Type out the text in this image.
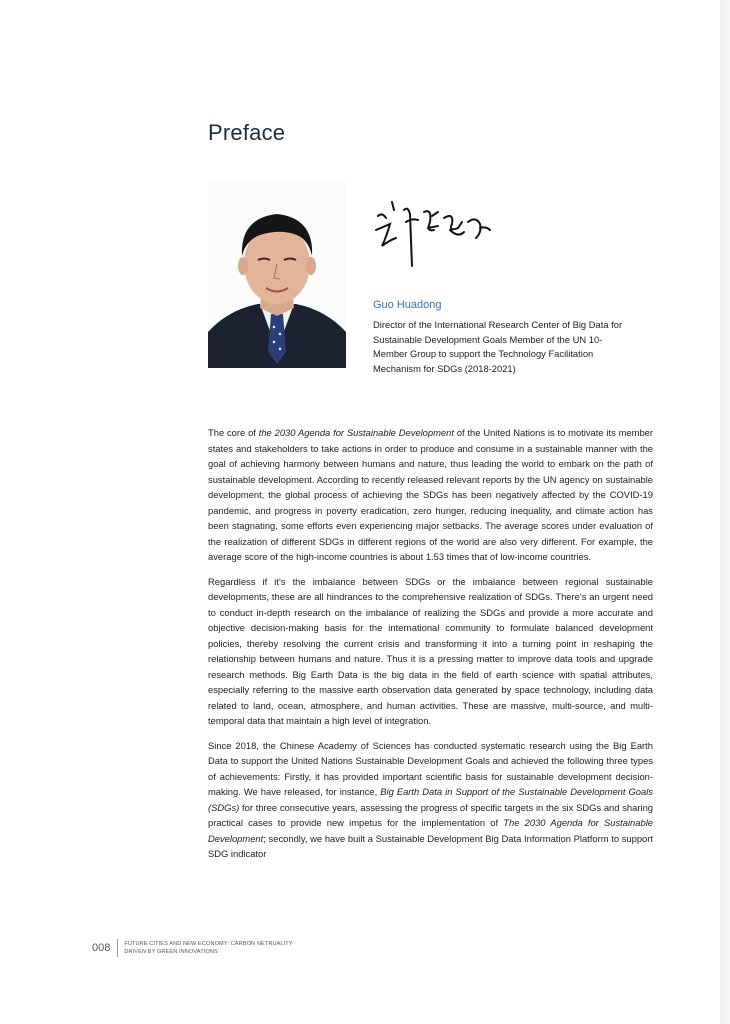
Preface
Guo Huadong
Director of the International Research Center of Big Data for Sustainable Development Goals Member of the UN 10-Member Group to support the Technology Facilitation Mechanism for SDGs (2018-2021)

The core of the 2030 Agenda for Sustainable Development of the United Nations is to motivate its member states and stakeholders to take actions in order to produce and consume in a sustainable manner with the goal of achieving harmony between humans and nature, thus leading the world to embark on the path of sustainable development. According to recently released relevant reports by the UN agency on sustainable development, the global process of achieving the SDGs has been negatively affected by the COVID-19 pandemic, and progress in poverty eradication, zero hunger, reducing inequality, and climate action has been stagnating, some efforts even experiencing major setbacks. The average scores under evaluation of the realization of different SDGs in different regions of the world are also very different. For example, the average score of the high-income countries is about 1.53 times that of low-income countries.

Regardless if it's the imbalance between SDGs or the imbalance between regional sustainable developments, these are all hindrances to the comprehensive realization of SDGs. There's an urgent need to conduct in-depth research on the imbalance of realizing the SDGs and provide a more accurate and objective decision-making basis for the international community to formulate balanced development policies, thereby resolving the current crisis and transforming it into a turning point in reshaping the relationship between humans and nature. Thus it is a pressing matter to improve data tools and upgrade research methods. Big Earth Data is the big data in the field of earth science with spatial attributes, especially referring to the massive earth observation data generated by space technology, including data related to land, ocean, atmosphere, and human activities. These are massive, multi-source, and multi-temporal data that maintain a high level of integration.

Since 2018, the Chinese Academy of Sciences has conducted systematic research using the Big Earth Data to support the United Nations Sustainable Development Goals and achieved the following three types of achievements: Firstly, it has provided important scientific basis for sustainable development decision-making. We have released, for instance, Big Earth Data in Support of the Sustainable Development Goals (SDGs) for three consecutive years, assessing the progress of specific targets in the six SDGs and sharing practical cases to provide new impetus for the implementation of The 2030 Agenda for Sustainable Development; secondly, we have built a Sustainable Development Big Data Information Platform to support SDG indicator

008	FUTURE CITIES AND NEW ECONOMY: CARBON NETRUALITY
DRIVEN BY GREEN INNOVATIONS
